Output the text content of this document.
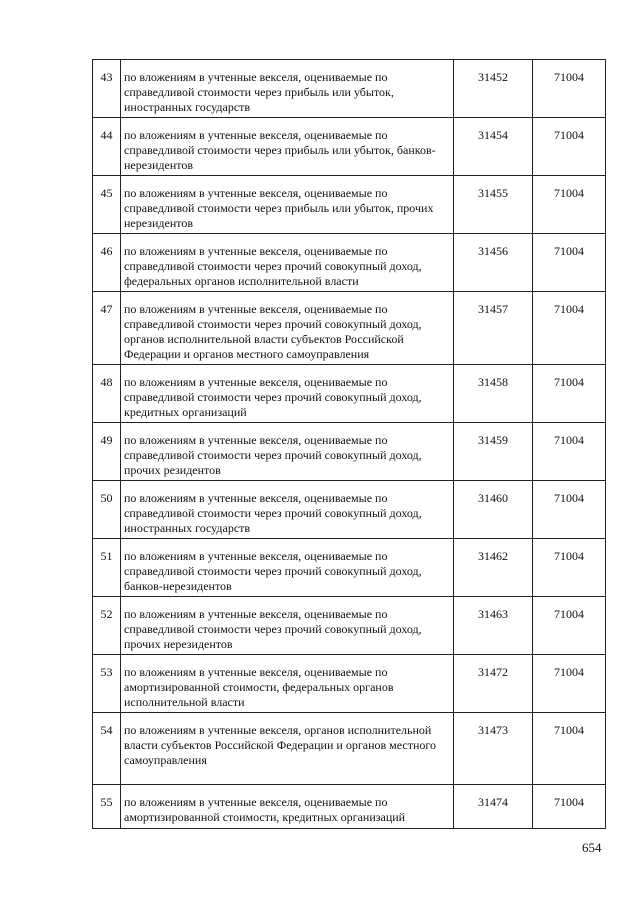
43	по вложениям в учтенные векселя, оцениваемые по справедливой стоимости через прибыль или убыток, иностранных государств	31452	71004
44	по вложениям в учтенные векселя, оцениваемые по справедливой стоимости через прибыль или убыток, банков-нерезидентов	31454	71004
45	по вложениям в учтенные векселя, оцениваемые по справедливой стоимости через прибыль или убыток, прочих нерезидентов	31455	71004
46	по вложениям в учтенные векселя, оцениваемые по справедливой стоимости через прочий совокупный доход, федеральных органов исполнительной власти	31456	71004
47	по вложениям в учтенные векселя, оцениваемые по справедливой стоимости через прочий совокупный доход, органов исполнительной власти субъектов Российской Федерации и органов местного самоуправления	31457	71004
48	по вложениям в учтенные векселя, оцениваемые по справедливой стоимости через прочий совокупный доход, кредитных организаций	31458	71004
49	по вложениям в учтенные векселя, оцениваемые по справедливой стоимости через прочий совокупный доход, прочих резидентов	31459	71004
50	по вложениям в учтенные векселя, оцениваемые по справедливой стоимости через прочий совокупный доход, иностранных государств	31460	71004
51	по вложениям в учтенные векселя, оцениваемые по справедливой стоимости через прочий совокупный доход, банков-нерезидентов	31462	71004
52	по вложениям в учтенные векселя, оцениваемые по справедливой стоимости через прочий совокупный доход, прочих нерезидентов	31463	71004
53	по вложениям в учтенные векселя, оцениваемые по амортизированной стоимости, федеральных органов исполнительной власти	31472	71004
54	по вложениям в учтенные векселя, органов исполнительной власти субъектов Российской Федерации и органов местного самоуправления	31473	71004
55	по вложениям в учтенные векселя, оцениваемые по амортизированной стоимости, кредитных организаций	31474	71004
654
